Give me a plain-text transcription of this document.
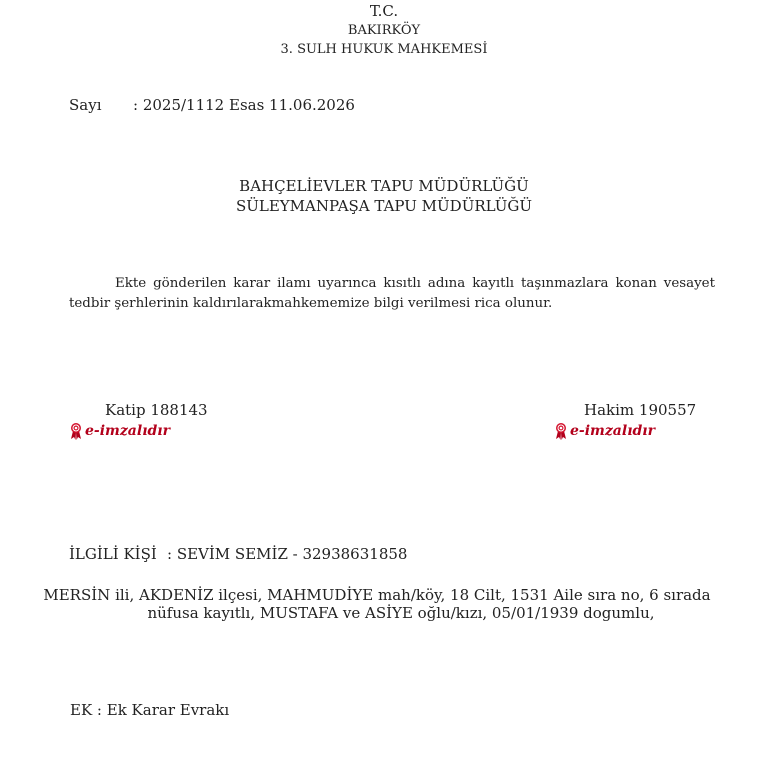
T.C.
BAKIRKÖY
3. SULH HUKUK MAHKEMESİ
Sayı : 2025/1112 Esas 11.06.2026
BAHÇELİEVLER TAPU MÜDÜRLÜĞÜ
SÜLEYMANPAŞA TAPU MÜDÜRLÜĞÜ
Ekte gönderilen karar ilamı uyarınca kısıtlı adına kayıtlı taşınmazlara konan vesayet tedbir şerhlerinin kaldırılarakmahkememize bilgi verilmesi rica olunur.
Katip 188143	Hakim 190557
e-imzalıdır	e-imzalıdır
İLGİLİ KİŞİ : SEVİM SEMİZ - 32938631858
MERSİN ili, AKDENİZ ilçesi, MAHMUDİYE mah/köy, 18 Cilt, 1531 Aile sıra no, 6 sırada
nüfusa kayıtlı, MUSTAFA ve ASİYE oğlu/kızı, 05/01/1939 dogumlu,
EK : Ek Karar Evrakı
